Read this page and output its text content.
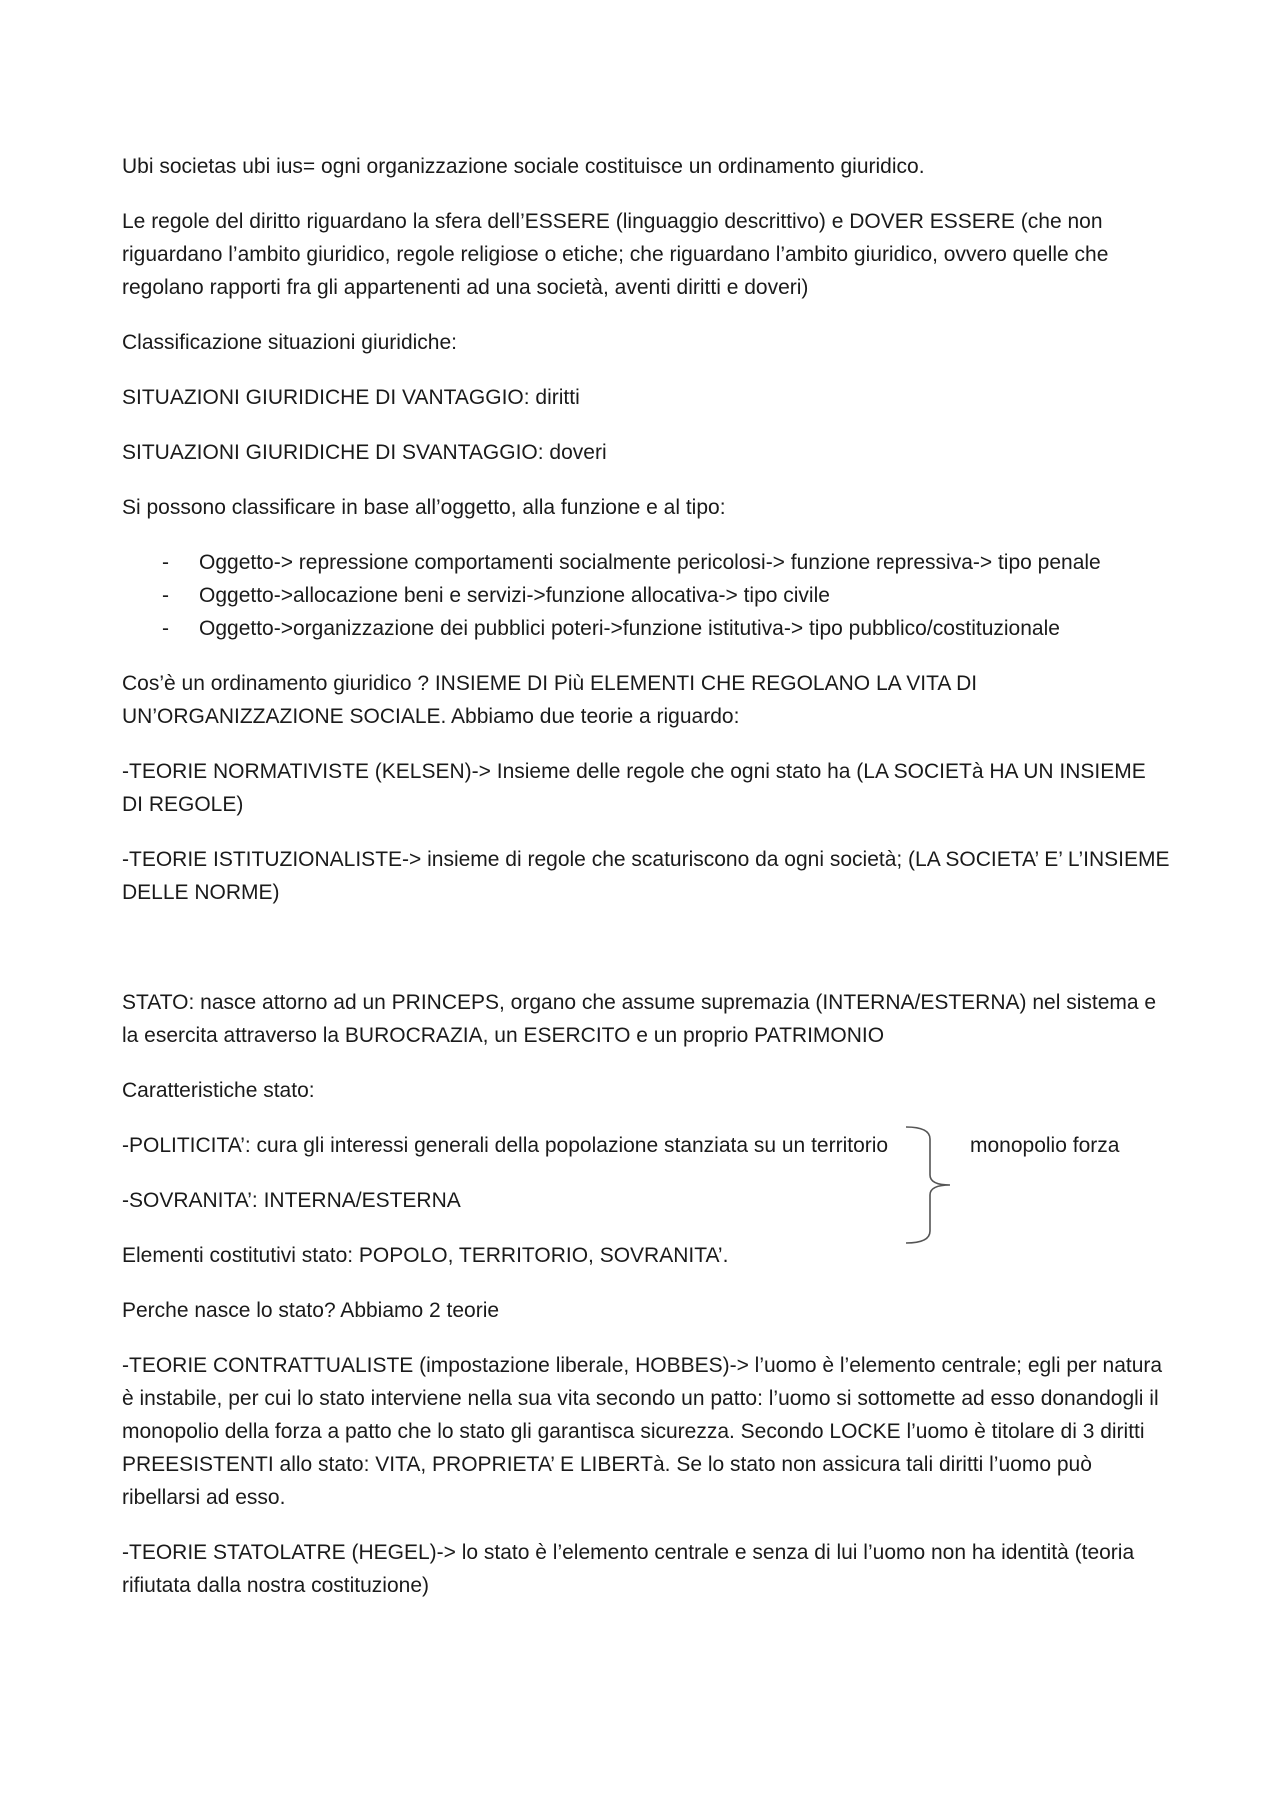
Ubi societas ubi ius= ogni organizzazione sociale costituisce un ordinamento giuridico.

Le regole del diritto riguardano la sfera dell’ESSERE (linguaggio descrittivo) e DOVER ESSERE (che non riguardano l’ambito giuridico, regole religiose o etiche; che riguardano l’ambito giuridico, ovvero quelle che regolano rapporti fra gli appartenenti ad una società, aventi diritti e doveri)

Classificazione situazioni giuridiche:

SITUAZIONI GIURIDICHE DI VANTAGGIO: diritti

SITUAZIONI GIURIDICHE DI SVANTAGGIO: doveri

Si possono classificare in base all’oggetto, alla funzione e al tipo:

- Oggetto-> repressione comportamenti socialmente pericolosi-> funzione repressiva-> tipo penale
- Oggetto->allocazione beni e servizi->funzione allocativa-> tipo civile
- Oggetto->organizzazione dei pubblici poteri->funzione istitutiva-> tipo pubblico/costituzionale

Cos’è un ordinamento giuridico ? INSIEME DI Più ELEMENTI CHE REGOLANO LA VITA DI UN’ORGANIZZAZIONE SOCIALE. Abbiamo due teorie a riguardo:

-TEORIE NORMATIVISTE (KELSEN)-> Insieme delle regole che ogni stato ha (LA SOCIETà HA UN INSIEME DI REGOLE)

-TEORIE ISTITUZIONALISTE-> insieme di regole che scaturiscono da ogni società; (LA SOCIETA’ E’ L’INSIEME DELLE NORME)

STATO: nasce attorno ad un PRINCEPS, organo che assume supremazia (INTERNA/ESTERNA) nel sistema e la esercita attraverso la BUROCRAZIA, un ESERCITO e un proprio PATRIMONIO

Caratteristiche stato:

-POLITICITA’: cura gli interessi generali della popolazione stanziata su un territorio

-SOVRANITA’: INTERNA/ESTERNA

monopolio forza

Elementi costitutivi stato: POPOLO, TERRITORIO, SOVRANITA’.

Perche nasce lo stato? Abbiamo 2 teorie

-TEORIE CONTRATTUALISTE (impostazione liberale, HOBBES)-> l’uomo è l’elemento centrale; egli per natura è instabile, per cui lo stato interviene nella sua vita secondo un patto: l’uomo si sottomette ad esso donandogli il monopolio della forza a patto che lo stato gli garantisca sicurezza. Secondo LOCKE l’uomo è titolare di 3 diritti PREESISTENTI allo stato: VITA, PROPRIETA’ E LIBERTà. Se lo stato non assicura tali diritti l’uomo può ribellarsi ad esso.

-TEORIE STATOLATRE (HEGEL)-> lo stato è l’elemento centrale e senza di lui l’uomo non ha identità (teoria rifiutata dalla nostra costituzione)
